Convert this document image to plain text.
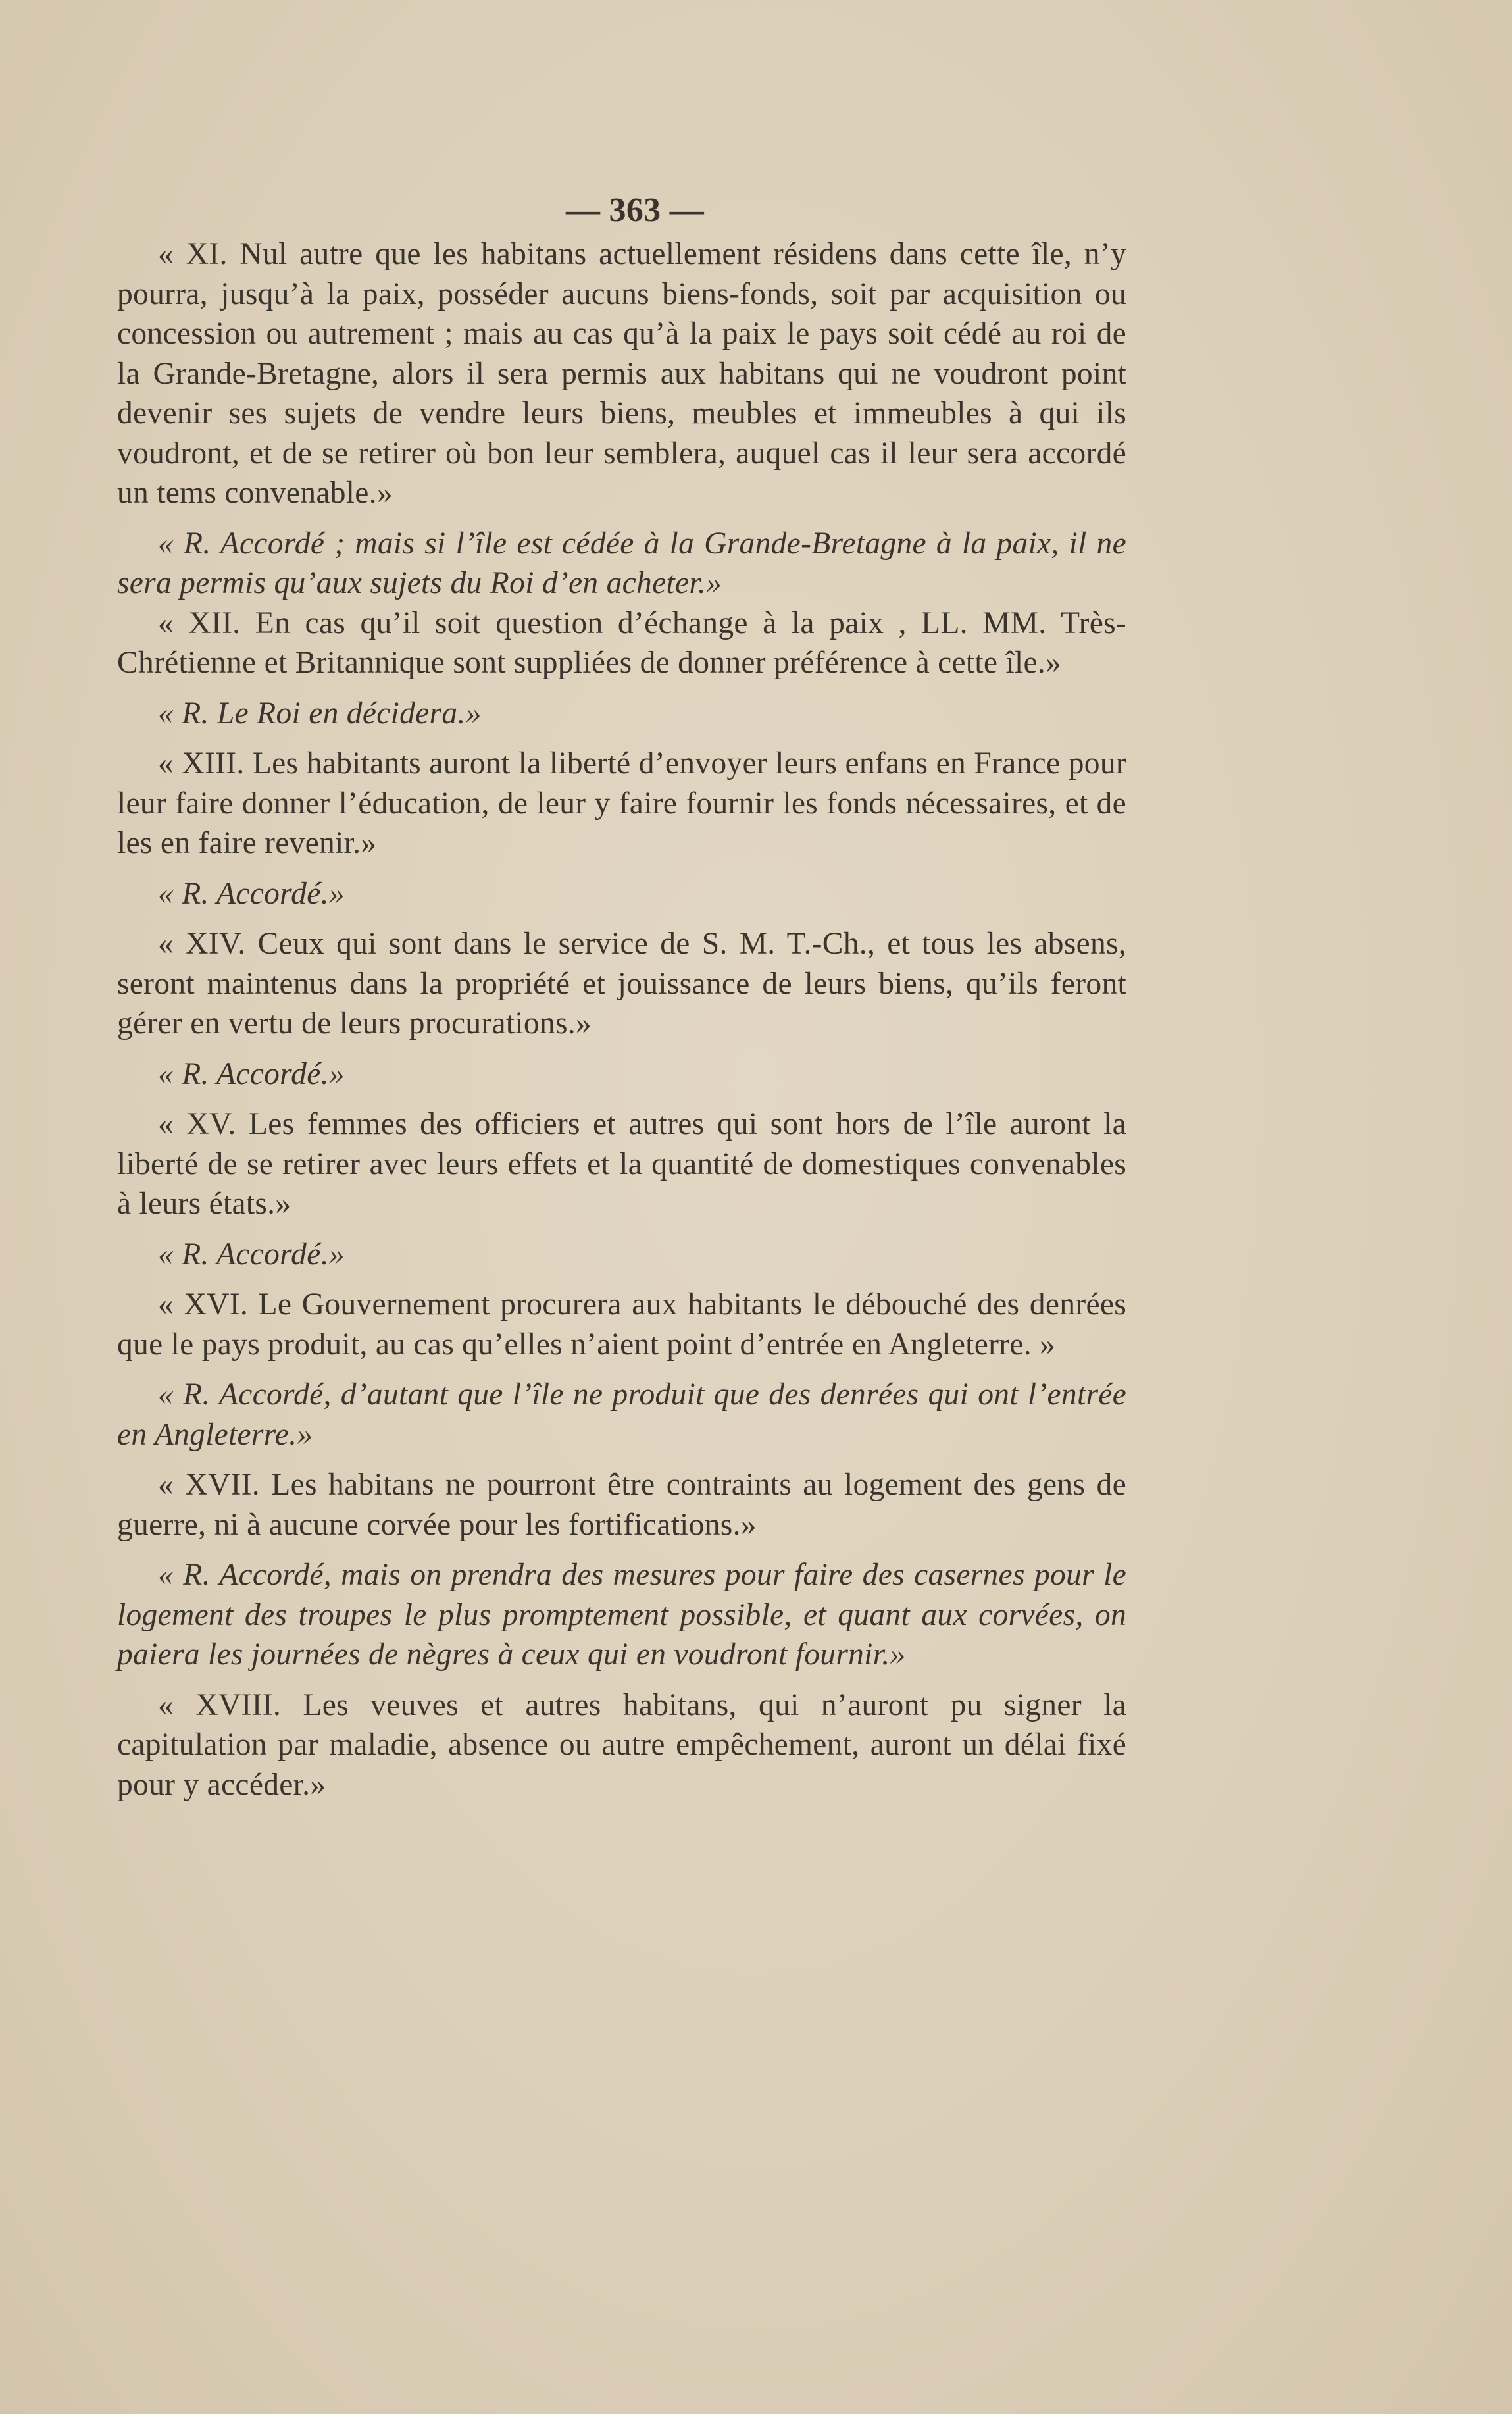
— 363 —

« XI. Nul autre que les habitans actuellement résidens dans cette île, n’y pourra, jusqu’à la paix, posséder aucuns biens-fonds, soit par acquisition ou concession ou autrement ; mais au cas qu’à la paix le pays soit cédé au roi de la Grande-Bretagne, alors il sera permis aux habitans qui ne voudront point devenir ses sujets de vendre leurs biens, meubles et immeubles à qui ils voudront, et de se retirer où bon leur semblera, auquel cas il leur sera accordé un tems convenable.»

« R. Accordé ; mais si l’île est cédée à la Grande-Bretagne à la paix, il ne sera permis qu’aux sujets du Roi d’en acheter.»

« XII. En cas qu’il soit question d’échange à la paix , LL. MM. Très-Chrétienne et Britannique sont suppliées de donner préférence à cette île.»

« R. Le Roi en décidera.»

« XIII. Les habitants auront la liberté d’envoyer leurs enfans en France pour leur faire donner l’éducation, de leur y faire fournir les fonds nécessaires, et de les en faire revenir.»

« R. Accordé.»

« XIV. Ceux qui sont dans le service de S. M. T.-Ch., et tous les absens, seront maintenus dans la propriété et jouissance de leurs biens, qu’ils feront gérer en vertu de leurs procurations.»

« R. Accordé.»

« XV. Les femmes des officiers et autres qui sont hors de l’île auront la liberté de se retirer avec leurs effets et la quantité de domestiques convenables à leurs états.»

« R. Accordé.»

« XVI. Le Gouvernement procurera aux habitants le débouché des denrées que le pays produit, au cas qu’elles n’aient point d’entrée en Angleterre. »

« R. Accordé, d’autant que l’île ne produit que des denrées qui ont l’entrée en Angleterre.»

« XVII. Les habitans ne pourront être contraints au logement des gens de guerre, ni à aucune corvée pour les fortifications.»

« R. Accordé, mais on prendra des mesures pour faire des casernes pour le logement des troupes le plus promptement possible, et quant aux corvées, on paiera les journées de nègres à ceux qui en voudront fournir.»

« XVIII. Les veuves et autres habitans, qui n’auront pu signer la capitulation par maladie, absence ou autre empêchement, auront un délai fixé pour y accéder.»
